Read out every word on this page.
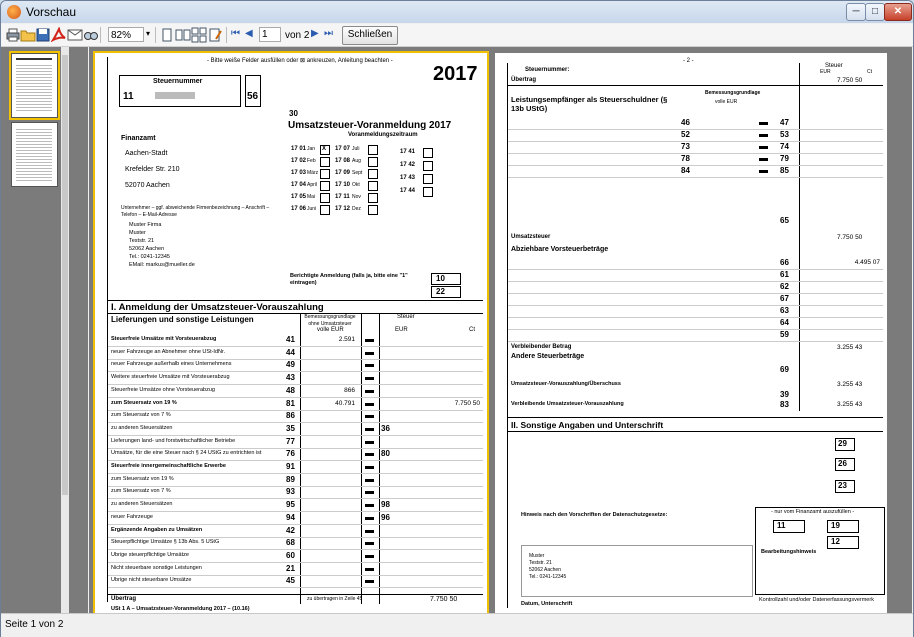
Vorschau	─	□	✕
82%	▾	⏮ ◀ 1	von 2 ▶ ⏭	Schließen
- Bitte weiße Felder ausfüllen oder ⊠ ankreuzen, Anleitung beachten -
2017
Steuernummer
11	56
30
Umsatzsteuer-Voranmeldung 2017
Voranmeldungszeitraum
Finanzamt
Unternehmer – ggf. abweichende Firmenbezeichnung – Anschrift – Telefon – E-Mail-Adresse
Berichtigte Anmeldung (falls ja, bitte eine "1" eintragen)	10
22
I. Anmeldung der Umsatzsteuer-Vorauszahlung
Lieferungen und sonstige Leistungen	Bemessungsgrundlage ohne Umsatzsteuer
Steuer
volle EUR	EUR	Ct
Übertrag	zu übertragen in Zeile 45	7.750 50
USt 1 A – Umsatzsteuer-Voranmeldung 2017 – (10.16)
Aachen-Stadt
Krefelder Str. 210
52070 Aachen
Muster Firma
Muster
Teststr. 21
52062 Aachen
Tel.: 0241-12345
EMail: markus@mueller.de
17 01 Jan X 17 07 Juli
17 02 Feb	17 08 Aug
17 03 März	17 09 Sept
17 04 April	17 10 Okt
17 05 Mai	17 11 Nov
17 06 Juni	17 12 Dez
17 41
17 42
17 43
17 44
Steuerfreie Umsätze mit Vorsteuerabzug	41	2.591
neuer Fahrzeuge an Abnehmer ohne USt-IdNr.	44
neuer Fahrzeuge außerhalb eines Unternehmens	49
Weitere steuerfreie Umsätze mit Vorsteuerabzug	43
Steuerfreie Umsätze ohne Vorsteuerabzug	48	866
zum Steuersatz von 19 %	81	40.791	7.750 50
zum Steuersatz von 7 %	86
zu anderen Steuersätzen	35	36
Lieferungen land- und forstwirtschaftlicher Betriebe	77
Umsätze, für die eine Steuer nach § 24 UStG zu entrichten ist	76	80
Steuerfreie innergemeinschaftliche Erwerbe	91
zum Steuersatz von 19 %	89
zum Steuersatz von 7 %	93
zu anderen Steuersätzen	95	98
neuer Fahrzeuge	94	96
Ergänzende Angaben zu Umsätzen	42
Steuerpflichtige Umsätze § 13b Abs. 5 UStG	68
Übrige steuerpflichtige Umsätze	60
Nicht steuerbare sonstige Leistungen	21
Übrige nicht steuerbare Umsätze	45
- 2 -
Steuernummer:
Steuer
EUR	Ct
Übertrag	7.750 50
Leistungsempfänger als Steuerschuldner (§ 13b UStG)
Bemessungsgrundlage
volle EUR
65
Umsatzsteuer	7.750 50
Abziehbare Vorsteuerbeträge
Verbleibender Betrag	3.255 43
Andere Steuerbeträge
69
Umsatzsteuer-Vorauszahlung/Überschuss	3.255 43
39
Verbleibende Umsatzsteuer-Vorauszahlung	83	3.255 43
II. Sonstige Angaben und Unterschrift
29
26
23
Hinweis nach den Vorschriften der Datenschutzgesetze:	- nur vom Finanzamt auszufüllen -
Bearbeitungshinweis
Kontrollzahl und/oder Datenerfassungsvermerk
Datum, Unterschrift
46	47
52	53
73	74
78	79
84	85
66	4.495 07
61
62
67
63
64
59
11	19
12
Muster
Teststr. 21
52062 Aachen
Tel.: 0241-12345
Seite 1 von 2
